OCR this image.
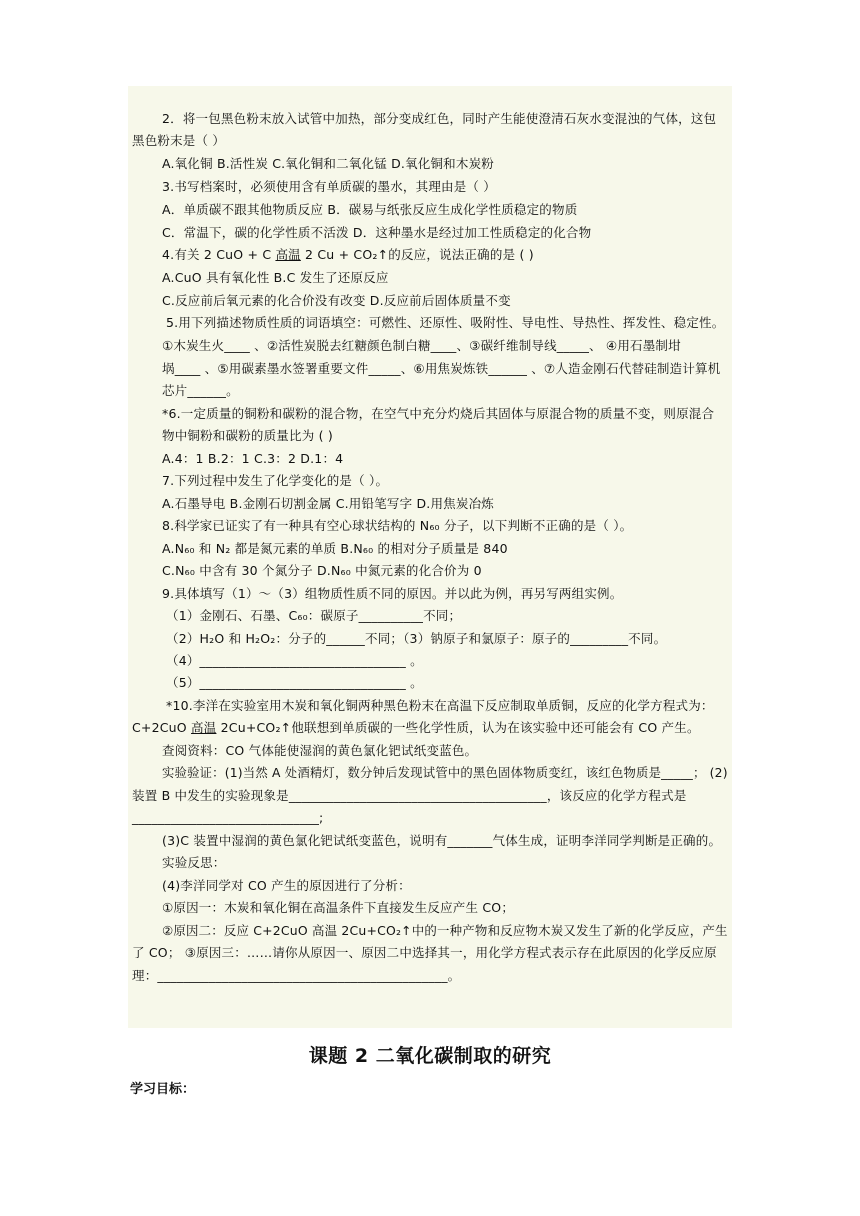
2．将一包黑色粉末放入试管中加热，部分变成红色，同时产生能使澄清石灰水变混浊的气体，这包
黑色粉末是（ ）
A.氧化铜 B.活性炭 C.氧化铜和二氧化锰 D.氧化铜和木炭粉
3.书写档案时，必须使用含有单质碳的墨水，其理由是（ ）
A．单质碳不跟其他物质反应 B．碳易与纸张反应生成化学性质稳定的物质
C．常温下，碳的化学性质不活泼 D．这种墨水是经过加工性质稳定的化合物
4.有关 2 CuO + C 高温 2 Cu + CO₂↑的反应，说法正确的是 ( )
A.CuO 具有氧化性 B.C 发生了还原反应
C.反应前后氧元素的化合价没有改变 D.反应前后固体质量不变
5.用下列描述物质性质的词语填空：可燃性、还原性、吸附性、导电性、导热性、挥发性、稳定性。
①木炭生火____ 、②活性炭脱去红糖颜色制白糖____、③碳纤维制导线_____、 ④用石墨制坩
埚____ 、⑤用碳素墨水签署重要文件_____、⑥用焦炭炼铁______ 、⑦人造金刚石代替硅制造计算机
芯片______。
*6.一定质量的铜粉和碳粉的混合物，在空气中充分灼烧后其固体与原混合物的质量不变，则原混合
物中铜粉和碳粉的质量比为 ( )
A.4：1 B.2：1 C.3：2 D.1：4
7.下列过程中发生了化学变化的是（ ）。
A.石墨导电 B.金刚石切割金属 C.用铅笔写字 D.用焦炭冶炼
8.科学家已证实了有一种具有空心球状结构的 N₆₀ 分子，以下判断不正确的是（ ）。
A.N₆₀ 和 N₂ 都是氮元素的单质 B.N₆₀ 的相对分子质量是 840
C.N₆₀ 中含有 30 个氮分子 D.N₆₀ 中氮元素的化合价为 0
9.具体填写（1）～（3）组物质性质不同的原因。并以此为例，再另写两组实例。
（1）金刚石、石墨、C₆₀：碳原子__________不同；
（2）H₂O 和 H₂O₂：分子的______不同；（3）钠原子和氯原子：原子的_________不同。
（4）________________________________ 。
（5）________________________________ 。
*10.李洋在实验室用木炭和氧化铜两种黑色粉末在高温下反应制取单质铜，反应的化学方程式为：
C+2CuO 高温 2Cu+CO₂↑他联想到单质碳的一些化学性质，认为在该实验中还可能会有 CO 产生。
查阅资料：CO 气体能使湿润的黄色氯化钯试纸变蓝色。
实验验证：(1)当然 A 处酒精灯，数分钟后发现试管中的黑色固体物质变红，该红色物质是_____； (2)
装置 B 中发生的实验现象是________________________________________，该反应的化学方程式是
_____________________________;
(3)C 装置中湿润的黄色氯化钯试纸变蓝色，说明有_______气体生成，证明李洋同学判断是正确的。
实验反思：
(4)李洋同学对 CO 产生的原因进行了分析：
①原因一：木炭和氧化铜在高温条件下直接发生反应产生 CO；
②原因二：反应 C+2CuO 高温 2Cu+CO₂↑中的一种产物和反应物木炭又发生了新的化学反应，产生
了 CO； ③原因三：……请你从原因一、原因二中选择其一，用化学方程式表示存在此原因的化学反应原
理：_____________________________________________。
课题 2 二氧化碳制取的研究
学习目标：
